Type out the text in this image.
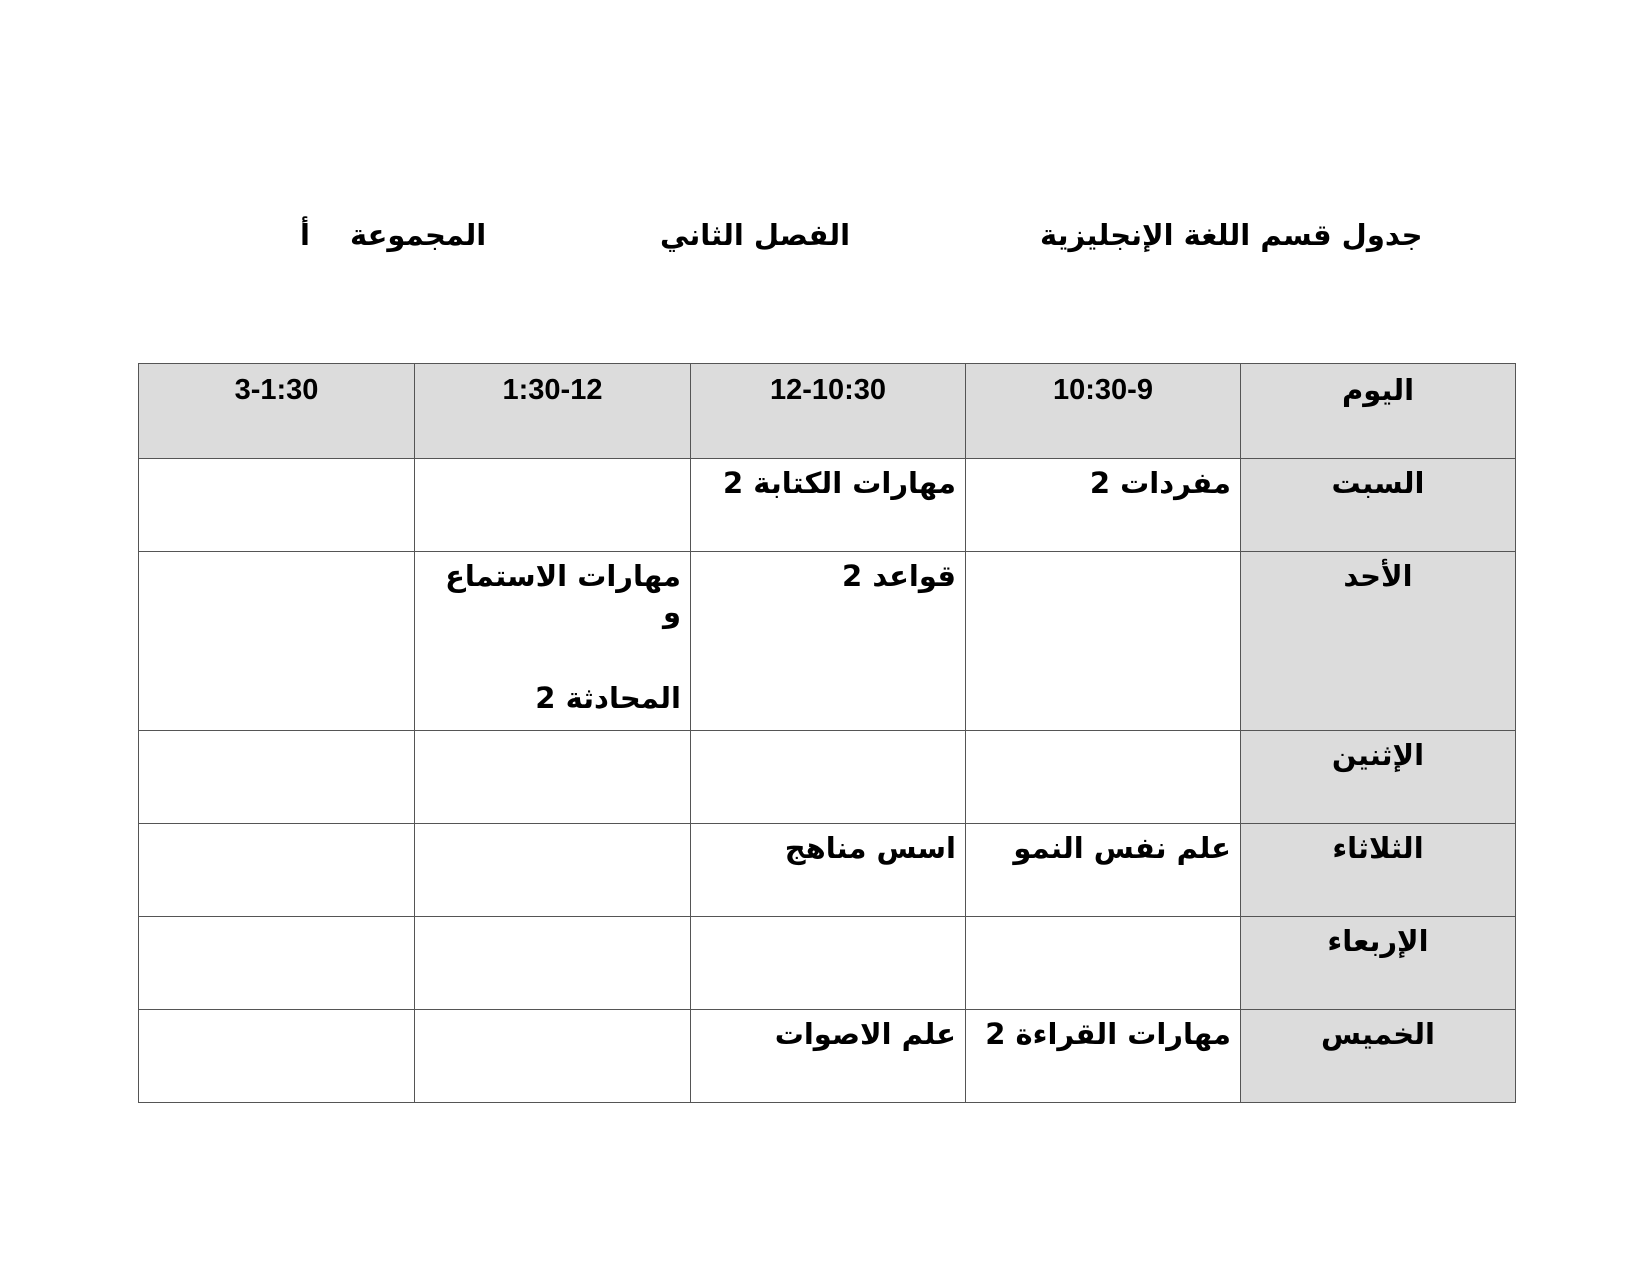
جدول قسم اللغة الإنجليزية
الفصل الثاني
المجموعة
أ
اليوم	10:30-9	12-10:30	1:30-12	3-1:30
السبت	مفردات 2	مهارات الكتابة 2		
الأحد		قواعد 2	مهارات الاستماع و
المحادثة 2	

الإثنين				
الثلاثاء	علم نفس النمو	اسس مناهج		
الإربعاء				
الخميس	مهارات القراءة 2	علم الاصوات		
